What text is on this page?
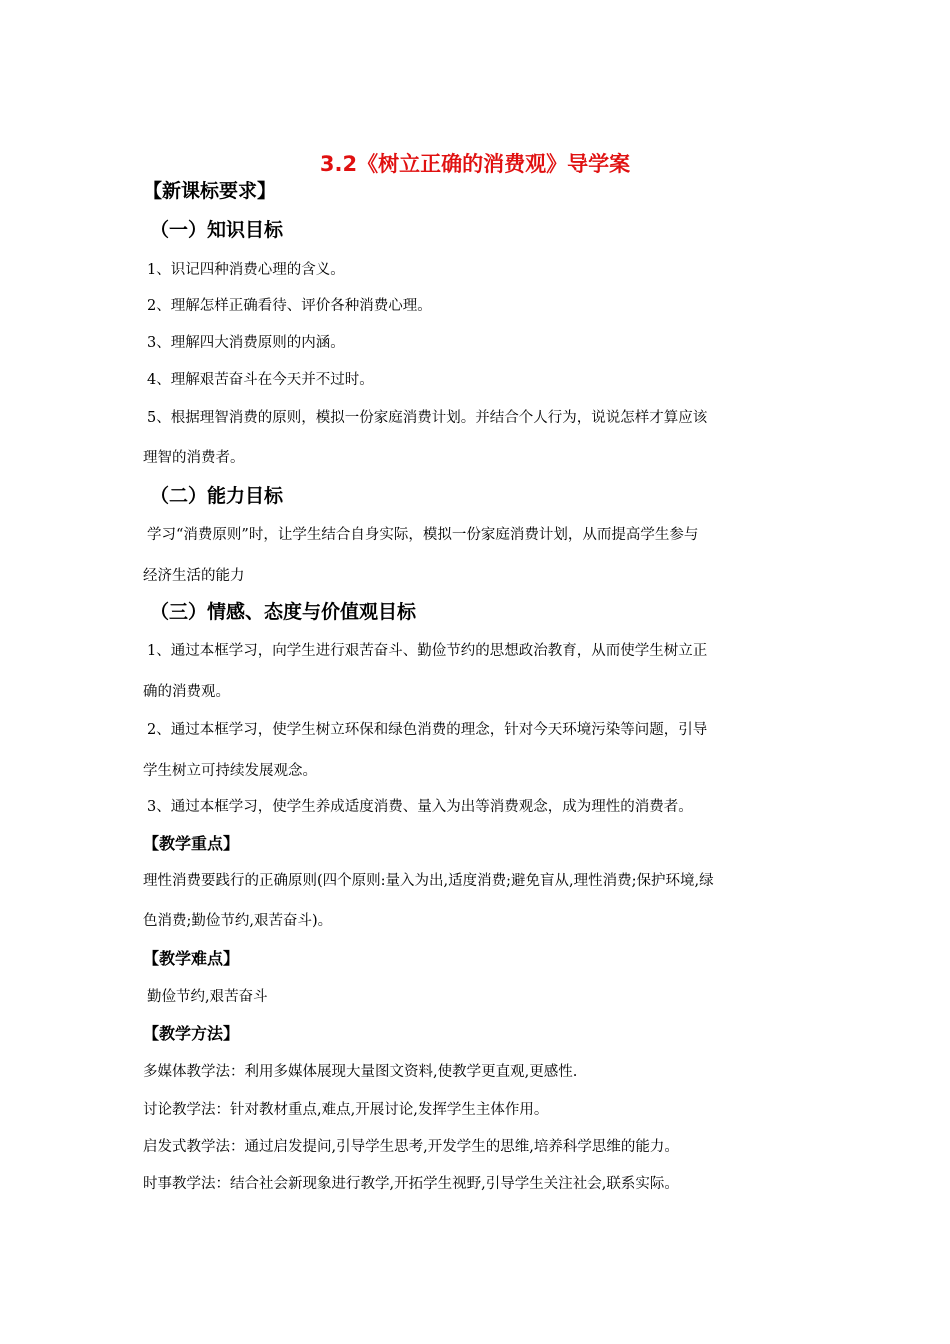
3.2《树立正确的消费观》导学案
【新课标要求】
（一）知识目标
1、识记四种消费心理的含义。
2、理解怎样正确看待、评价各种消费心理。
3、理解四大消费原则的内涵。
4、理解艰苦奋斗在今天并不过时。
5、根据理智消费的原则，模拟一份家庭消费计划。并结合个人行为，说说怎样才算应该
理智的消费者。
（二）能力目标
学习“消费原则”时，让学生结合自身实际，模拟一份家庭消费计划，从而提高学生参与
经济生活的能力
（三）情感、态度与价值观目标
1、通过本框学习，向学生进行艰苦奋斗、勤俭节约的思想政治教育，从而使学生树立正
确的消费观。
2、通过本框学习，使学生树立环保和绿色消费的理念，针对今天环境污染等问题，引导
学生树立可持续发展观念。
3、通过本框学习，使学生养成适度消费、量入为出等消费观念，成为理性的消费者。
【教学重点】
理性消费要践行的正确原则(四个原则:量入为出,适度消费;避免盲从,理性消费;保护环境,绿
色消费;勤俭节约,艰苦奋斗)。
【教学难点】
勤俭节约,艰苦奋斗
【教学方法】
多媒体教学法：利用多媒体展现大量图文资料,使教学更直观,更感性.
讨论教学法：针对教材重点,难点,开展讨论,发挥学生主体作用。
启发式教学法：通过启发提问,引导学生思考,开发学生的思维,培养科学思维的能力。
时事教学法：结合社会新现象进行教学,开拓学生视野,引导学生关注社会,联系实际。
